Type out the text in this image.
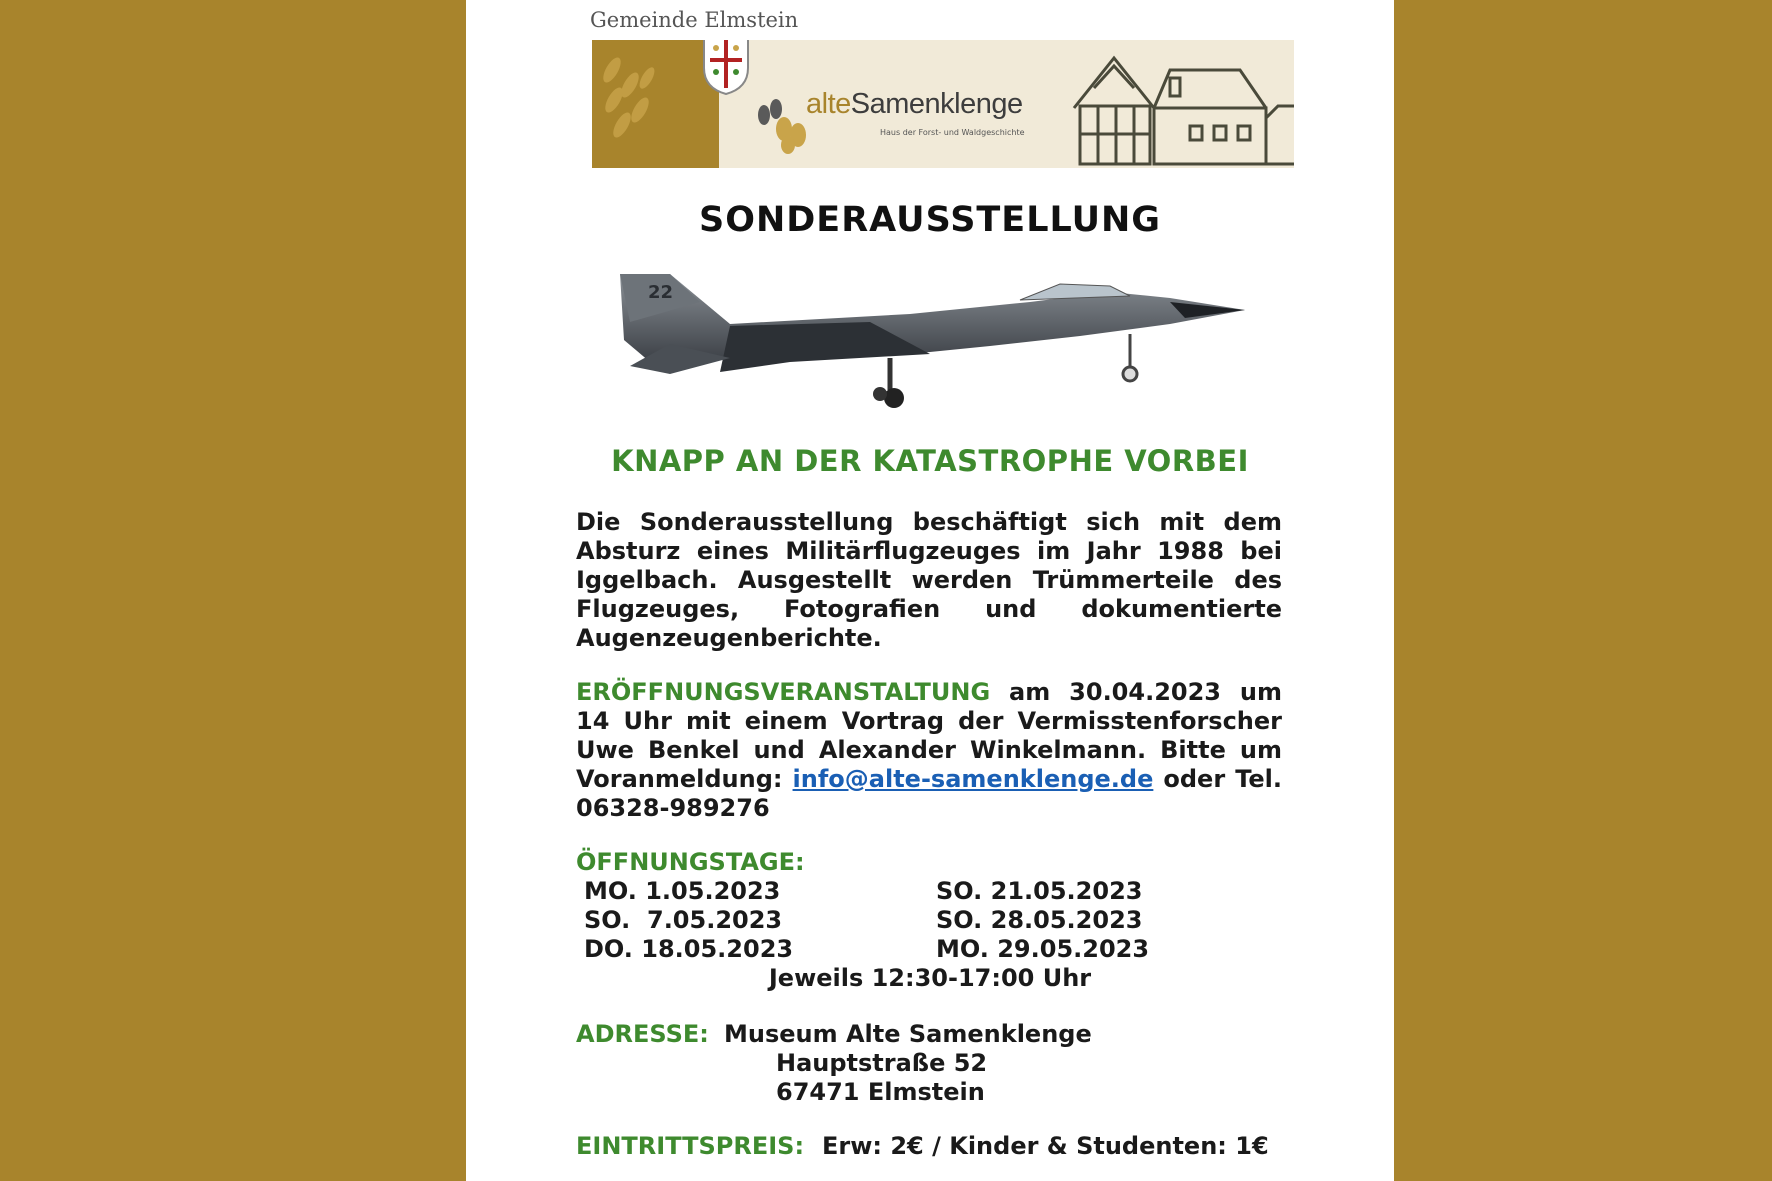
Gemeinde Elmstein
alteSamenklenge
Haus der Forst- und Waldgeschichte
SONDERAUSSTELLUNG
22
KNAPP AN DER KATASTROPHE VORBEI
Die Sonderausstellung beschäftigt sich mit dem Absturz eines Militärflugzeuges im Jahr 1988 bei Iggelbach. Ausgestellt werden Trümmerteile des Flugzeuges, Fotografien und dokumentierte Augenzeugenberichte.
ERÖFFNUNGSVERANSTALTUNG am 30.04.2023 um 14 Uhr mit einem Vortrag der Vermisstenforscher Uwe Benkel und Alexander Winkelmann. Bitte um Voranmeldung: info@alte-samenklenge.de oder Tel. 06328-989276
ÖFFNUNGSTAGE:
MO. 1.05.2023
SO.  7.05.2023
DO. 18.05.2023
SO. 21.05.2023
SO. 28.05.2023
MO. 29.05.2023
Jeweils 12:30-17:00 Uhr
ADRESSE: Museum Alte Samenklenge
Hauptstraße 52
67471 Elmstein
EINTRITTSPREIS: Erw: 2€ / Kinder & Studenten: 1€
